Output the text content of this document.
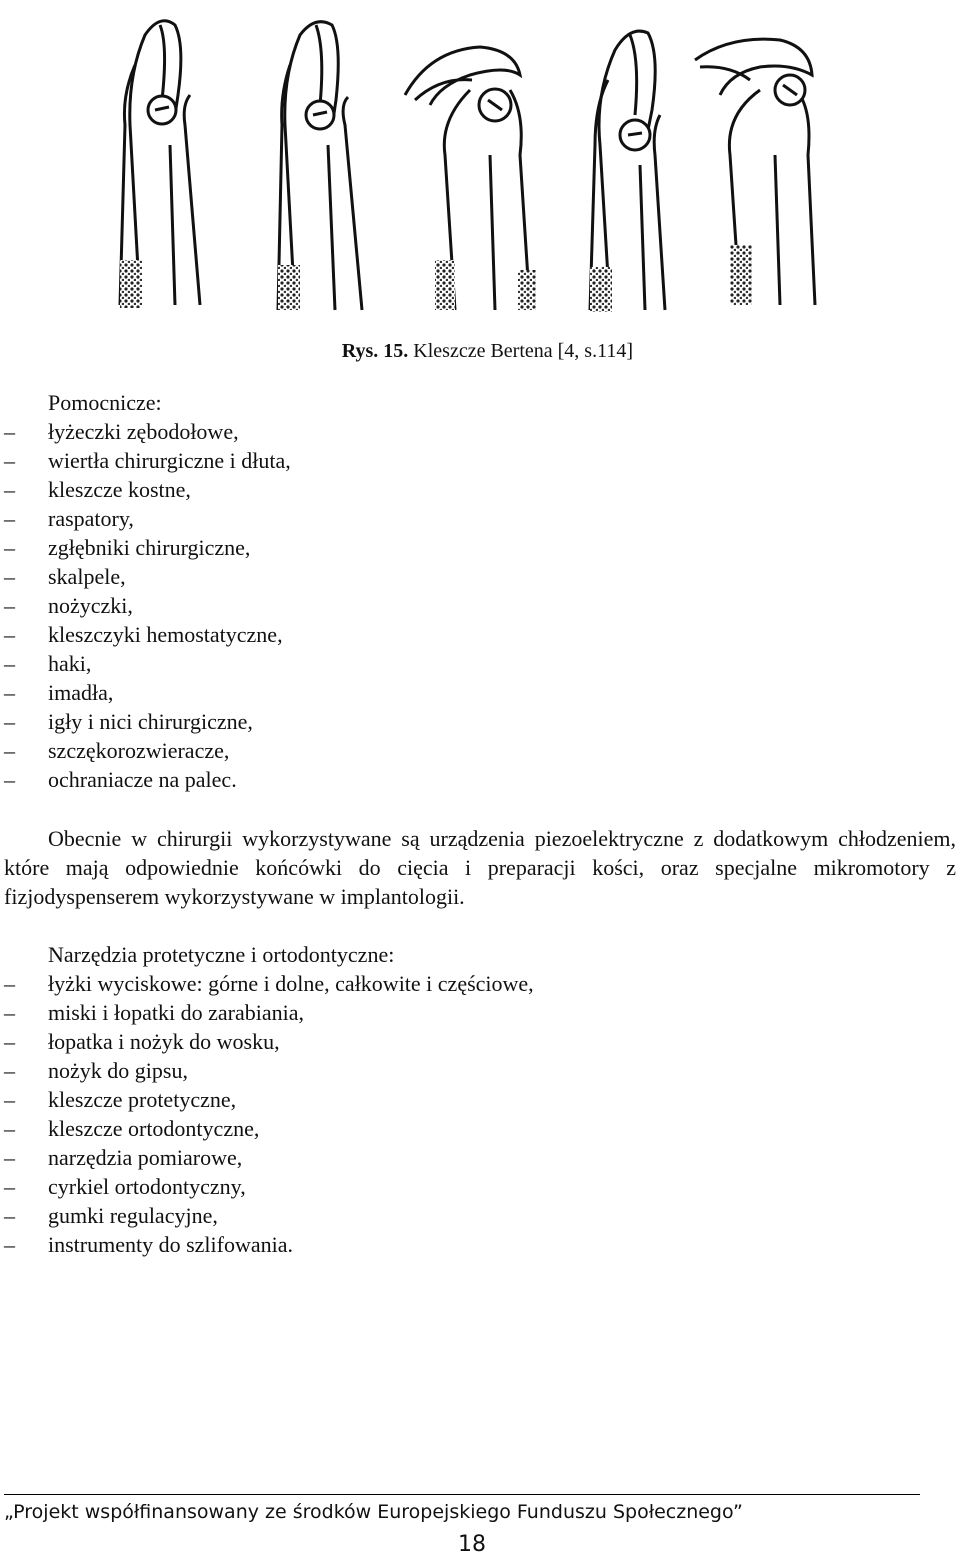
Rys. 15. Kleszcze Bertena [4, s.114]
Pomocnicze:
– łyżeczki zębodołowe,
– wiertła chirurgiczne i dłuta,
– kleszcze kostne,
– raspatory,
– zgłębniki chirurgiczne,
– skalpele,
– nożyczki,
– kleszczyki hemostatyczne,
– haki,
– imadła,
– igły i nici chirurgiczne,
– szczękorozwieracze,
– ochraniacze na palec.
Obecnie w chirurgii wykorzystywane są urządzenia piezoelektryczne z dodatkowym chłodzeniem, które mają odpowiednie końcówki do cięcia i preparacji kości, oraz specjalne mikromotory z fizjodyspenserem wykorzystywane w implantologii.
Narzędzia protetyczne i ortodontyczne:
– łyżki wyciskowe: górne i dolne, całkowite i częściowe,
– miski i łopatki do zarabiania,
– łopatka i nożyk do wosku,
– nożyk do gipsu,
– kleszcze protetyczne,
– kleszcze ortodontyczne,
– narzędzia pomiarowe,
– cyrkiel ortodontyczny,
– gumki regulacyjne,
– instrumenty do szlifowania.
„Projekt współfinansowany ze środków Europejskiego Funduszu Społecznego”
18
